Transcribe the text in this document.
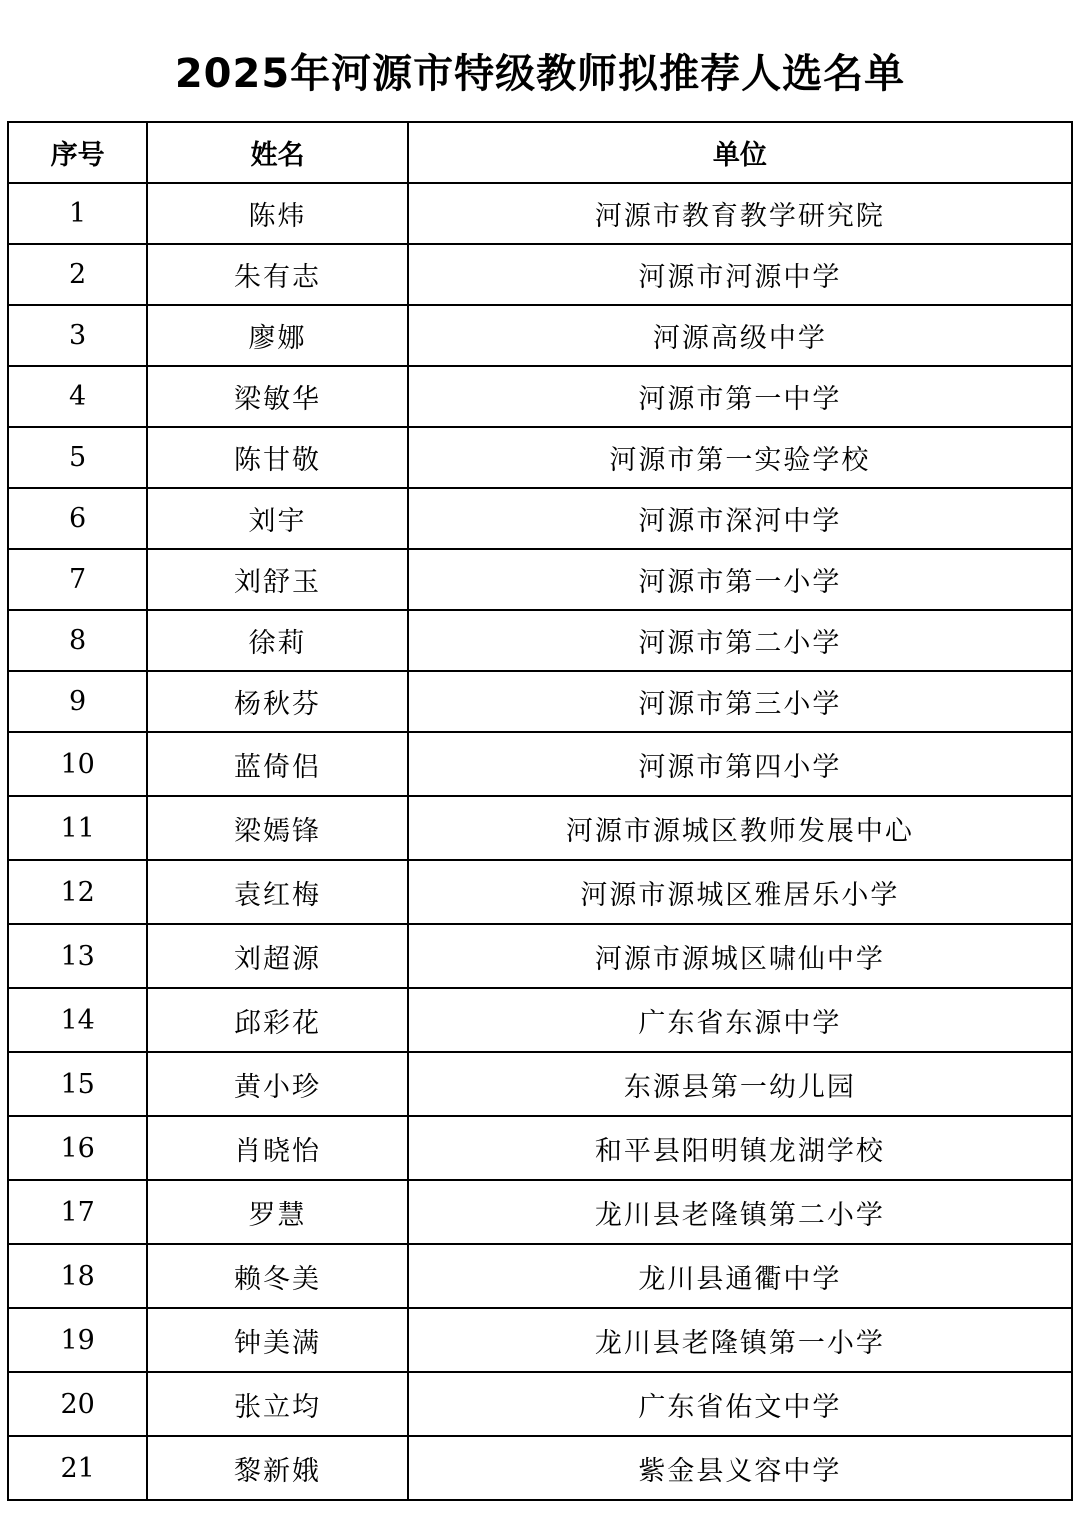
2025年河源市特级教师拟推荐人选名单
序号	姓名	单位
1	陈炜	河源市教育教学研究院
2	朱有志	河源市河源中学
3	廖娜	河源高级中学
4	梁敏华	河源市第一中学
5	陈甘敬	河源市第一实验学校
6	刘宇	河源市深河中学
7	刘舒玉	河源市第一小学
8	徐莉	河源市第二小学
9	杨秋芬	河源市第三小学
10	蓝倚侣	河源市第四小学
11	梁嫣锋	河源市源城区教师发展中心
12	袁红梅	河源市源城区雅居乐小学
13	刘超源	河源市源城区啸仙中学
14	邱彩花	广东省东源中学
15	黄小珍	东源县第一幼儿园
16	肖晓怡	和平县阳明镇龙湖学校
17	罗慧	龙川县老隆镇第二小学
18	赖冬美	龙川县通衢中学
19	钟美满	龙川县老隆镇第一小学
20	张立均	广东省佑文中学
21	黎新娥	紫金县义容中学
